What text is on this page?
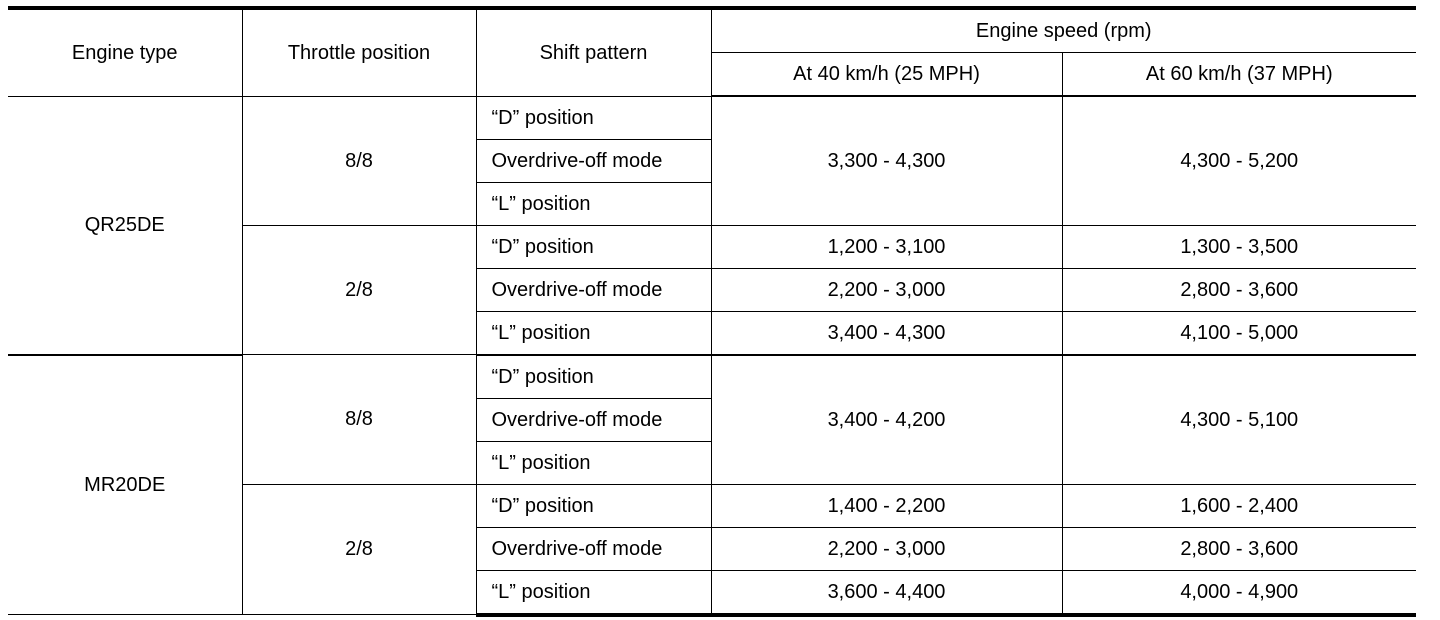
Engine type	Throttle position	Shift pattern	Engine speed (rpm)	
			At 40 km/h (25 MPH)	At 60 km/h (37 MPH)
QR25DE	8/8	“D” position	3,300 - 4,300	4,300 - 5,200
		Overdrive-off mode		
		“L” position		
	2/8	“D” position	1,200 - 3,100	1,300 - 3,500
		Overdrive-off mode	2,200 - 3,000	2,800 - 3,600
		“L” position	3,400 - 4,300	4,100 - 5,000
MR20DE	8/8	“D” position	3,400 - 4,200	4,300 - 5,100
		Overdrive-off mode		
		“L” position		
	2/8	“D” position	1,400 - 2,200	1,600 - 2,400
		Overdrive-off mode	2,200 - 3,000	2,800 - 3,600
		“L” position	3,600 - 4,400	4,000 - 4,900
